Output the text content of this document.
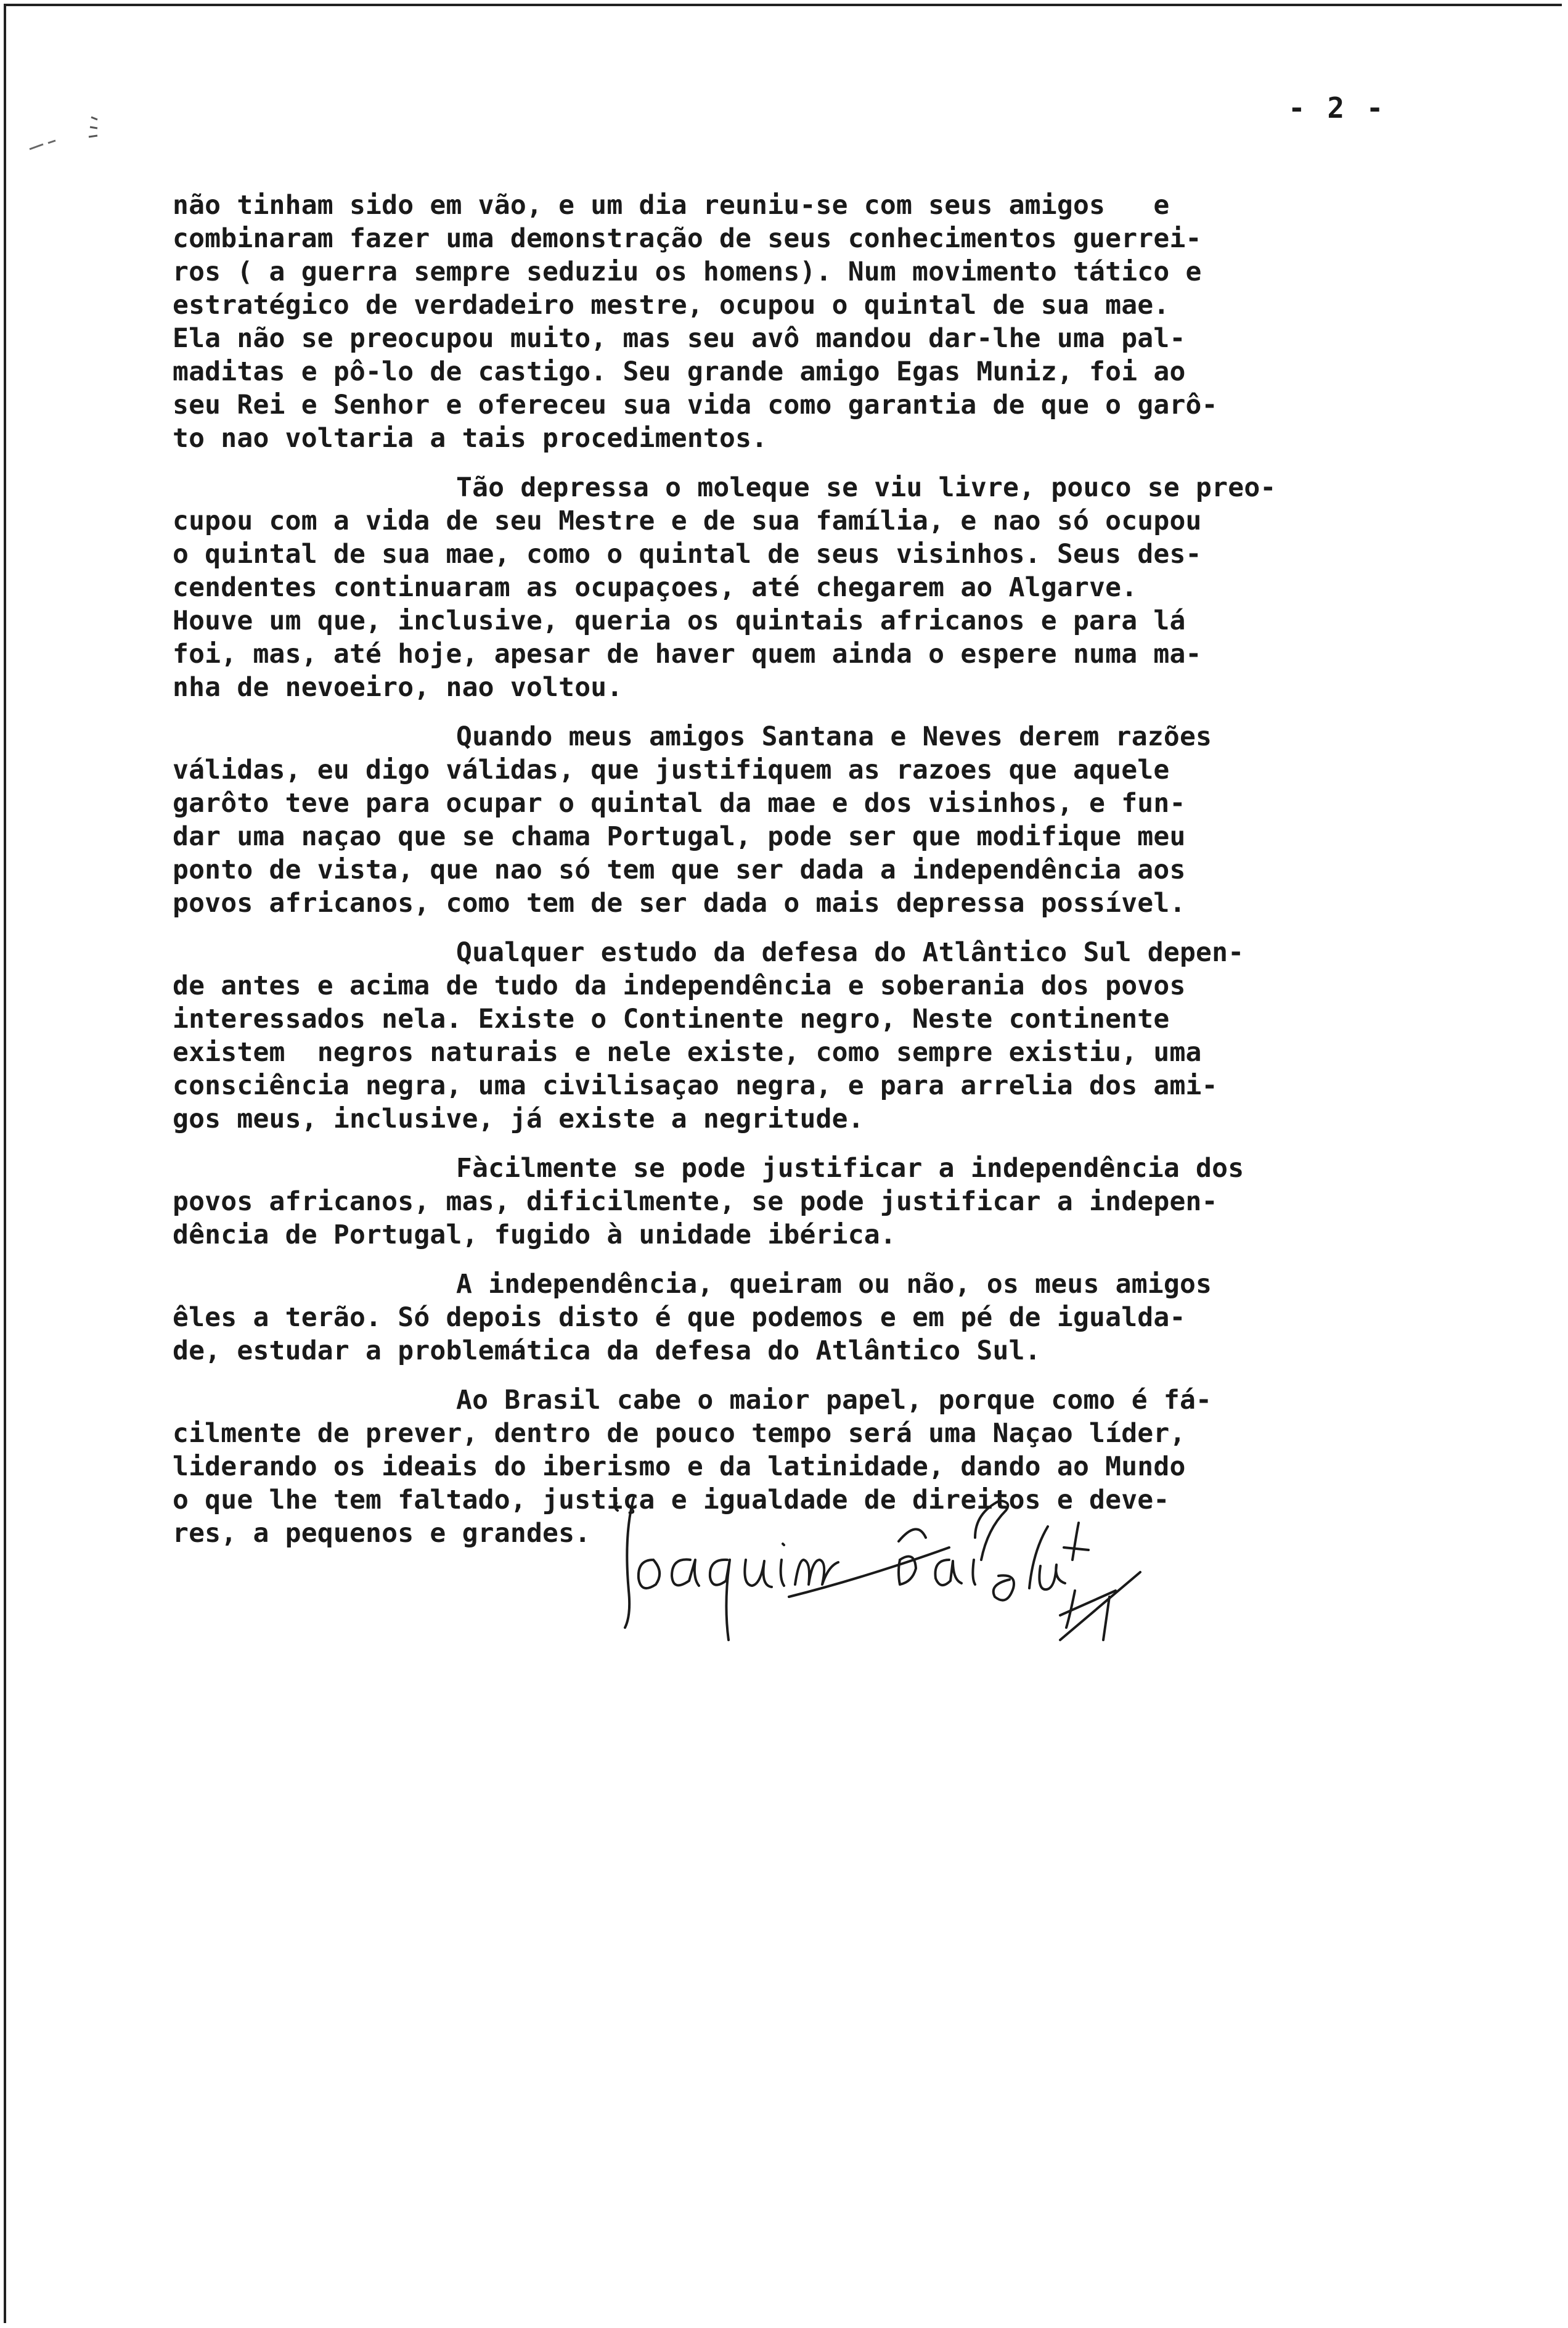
- 2 -
não tinham sido em vão, e um dia reuniu-se com seus amigos   e
combinaram fazer uma demonstração de seus conhecimentos guerrei-
ros ( a guerra sempre seduziu os homens). Num movimento tático e
estratégico de verdadeiro mestre, ocupou o quintal de sua mae.
Ela não se preocupou muito, mas seu avô mandou dar-lhe uma pal-
maditas e pô-lo de castigo. Seu grande amigo Egas Muniz, foi ao
seu Rei e Senhor e ofereceu sua vida como garantia de que o garô-
to nao voltaria a tais procedimentos.
Tão depressa o moleque se viu livre, pouco se preo-
cupou com a vida de seu Mestre e de sua família, e nao só ocupou
o quintal de sua mae, como o quintal de seus visinhos. Seus des-
cendentes continuaram as ocupaçoes, até chegarem ao Algarve.
Houve um que, inclusive, queria os quintais africanos e para lá
foi, mas, até hoje, apesar de haver quem ainda o espere numa ma-
nha de nevoeiro, nao voltou.
Quando meus amigos Santana e Neves derem razões
válidas, eu digo válidas, que justifiquem as razoes que aquele
garôto teve para ocupar o quintal da mae e dos visinhos, e fun-
dar uma naçao que se chama Portugal, pode ser que modifique meu
ponto de vista, que nao só tem que ser dada a independência aos
povos africanos, como tem de ser dada o mais depressa possível.
Qualquer estudo da defesa do Atlântico Sul depen-
de antes e acima de tudo da independência e soberania dos povos
interessados nela. Existe o Continente negro, Neste continente
existem  negros naturais e nele existe, como sempre existiu, uma
consciência negra, uma civilisaçao negra, e para arrelia dos ami-
gos meus, inclusive, já existe a negritude.
Fàcilmente se pode justificar a independência dos
povos africanos, mas, dificilmente, se pode justificar a indepen-
dência de Portugal, fugido à unidade ibérica.
A independência, queiram ou não, os meus amigos
êles a terão. Só depois disto é que podemos e em pé de igualda-
de, estudar a problemática da defesa do Atlântico Sul.
Ao Brasil cabe o maior papel, porque como é fá-
cilmente de prever, dentro de pouco tempo será uma Naçao líder,
liderando os ideais do iberismo e da latinidade, dando ao Mundo
o que lhe tem faltado, justiça e igualdade de direitos e deve-
res, a pequenos e grandes.
